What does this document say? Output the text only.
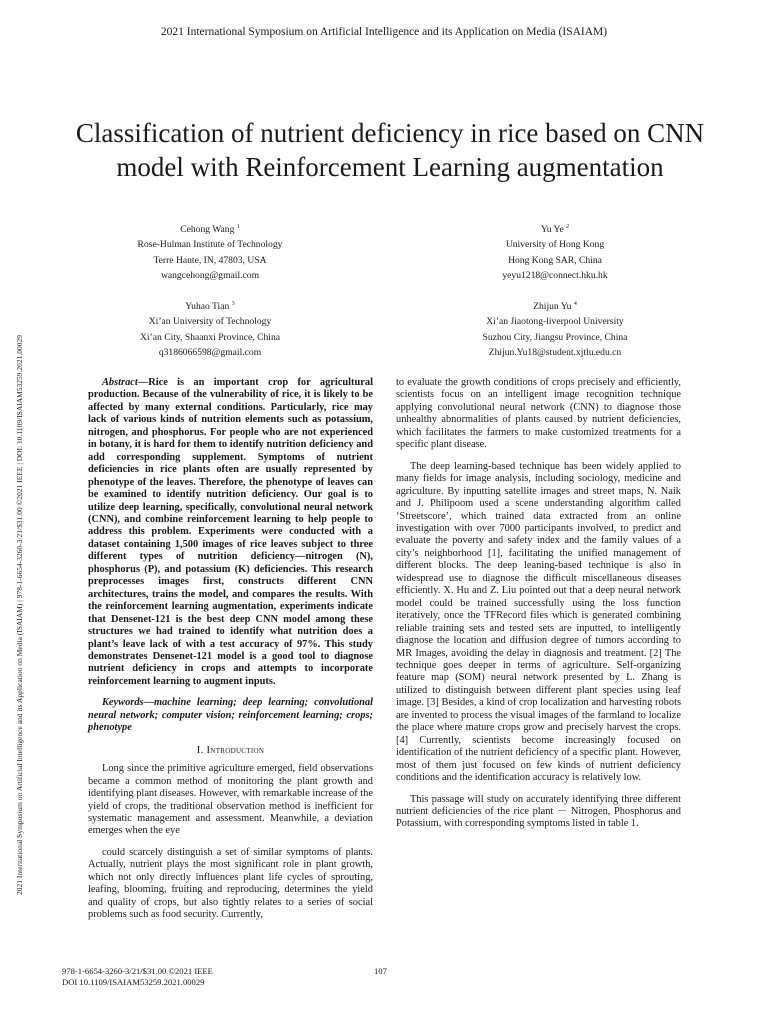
2021 International Symposium on Artificial Intelligence and its Application on Media (ISAIAM)
2021 International Symposium on Artificial Intelligence and its Application on Media (ISAIAM) | 978-1-6654-3260-3/21/$31.00 ©2021 IEEE | DOI: 10.1109/ISAIAM53259.2021.00029
Classification of nutrient deficiency in rice based on CNN model with Reinforcement Learning augmentation
Cehong Wang $^1$
Rose-Hulman Institute of Technology
Terre Haute, IN, 47803, USA
wangcehong@gmail.com
Yu Ye $^2$
University of Hong Kong
Hong Kong SAR, China
yeyu1218@connect.hku.hk
Yuhao Tian $^3$
Xi’an University of Technology
Xi’an City, Shaanxi Province, China
q3186066598@gmail.com
Zhijun Yu $^4$
Xi’an Jiaotong-liverpool University
Suzhou City, Jiangsu Province, China
Zhijun.Yu18@student.xjtlu.edu.cn
Abstract—Rice is an important crop for agricultural production. Because of the vulnerability of rice, it is likely to be affected by many external conditions. Particularly, rice may lack of various kinds of nutrition elements such as potassium, nitrogen, and phosphorus. For people who are not experienced in botany, it is hard for them to identify nutrition deficiency and add corresponding supplement. Symptoms of nutrient deficiencies in rice plants often are usually represented by phenotype of the leaves. Therefore, the phenotype of leaves can be examined to identify nutrition deficiency. Our goal is to utilize deep learning, specifically, convolutional neural network (CNN), and combine reinforcement learning to help people to address this problem. Experiments were conducted with a dataset containing 1,500 images of rice leaves subject to three different types of nutrition deficiency—nitrogen (N), phosphorus (P), and potassium (K) deficiencies. This research preprocesses images first, constructs different CNN architectures, trains the model, and compares the results. With the reinforcement learning augmentation, experiments indicate that Densenet-121 is the best deep CNN model among these structures we had trained to identify what nutrition does a plant’s leave lack of with a test accuracy of 97%. This study demonstrates Densenet-121 model is a good tool to diagnose nutrient deficiency in crops and attempts to incorporate reinforcement learning to augment inputs.
Keywords—machine learning; deep learning; convolutional neural network; computer vision; reinforcement learning; crops; phenotype
I. Introduction

Long since the primitive agriculture emerged, field observations became a common method of monitoring the plant growth and identifying plant diseases. However, with remarkable increase of the yield of crops, the traditional observation method is inefficient for systematic management and assessment. Meanwhile, a deviation emerges when the eye

could scarcely distinguish a set of similar symptoms of plants. Actually, nutrient plays the most significant role in plant growth, which not only directly influences plant life cycles of sprouting, leafing, blooming, fruiting and reproducing, determines the yield and quality of crops, but also tightly relates to a series of social problems such as food security. Currently,

to evaluate the growth conditions of crops precisely and efficiently, scientists focus on an intelligent image recognition technique applying convolutional neural network (CNN) to diagnose those unhealthy abnormalities of plants caused by nutrient deficiencies, which facilitates the farmers to make customized treatments for a specific plant disease.

The deep learning-based technique has been widely applied to many fields for image analysis, including sociology, medicine and agriculture. By inputting satellite images and street maps, N. Naik and J. Philipoom used a scene understanding algorithm called ‘Streetscore’, which trained data extracted from an online investigation with over 7000 participants involved, to predict and evaluate the poverty and safety index and the family values of a city’s neighborhood [1], facilitating the unified management of different blocks. The deep leaning-based technique is also in widespread use to diagnose the difficult miscellaneous diseases efficiently. X. Hu and Z. Liu pointed out that a deep neural network model could be trained successfully using the loss function iteratively, once the TFRecord files which is generated combining reliable training sets and tested sets are inputted, to intelligently diagnose the location and diffusion degree of tumors according to MR Images, avoiding the delay in diagnosis and treatment. [2] The technique goes deeper in terms of agriculture. Self-organizing feature map (SOM) neural network presented by L. Zhang is utilized to distinguish between different plant species using leaf image. [3] Besides, a kind of crop localization and harvesting robots are invented to process the visual images of the farmland to localize the place where mature crops grow and precisely harvest the crops. [4] Currently, scientists become increasingly focused on identification of the nutrient deficiency of a specific plant. However, most of them just focused on few kinds of nutrient deficiency conditions and the identification accuracy is relatively low.

This passage will study on accurately identifying three different nutrient deficiencies of the rice plant － Nitrogen, Phosphorus and Potassium, with corresponding symptoms listed in table 1.

978-1-6654-3260-3/21/$31.00 ©2021 IEEE
DOI 10.1109/ISAIAM53259.2021.00029
107
